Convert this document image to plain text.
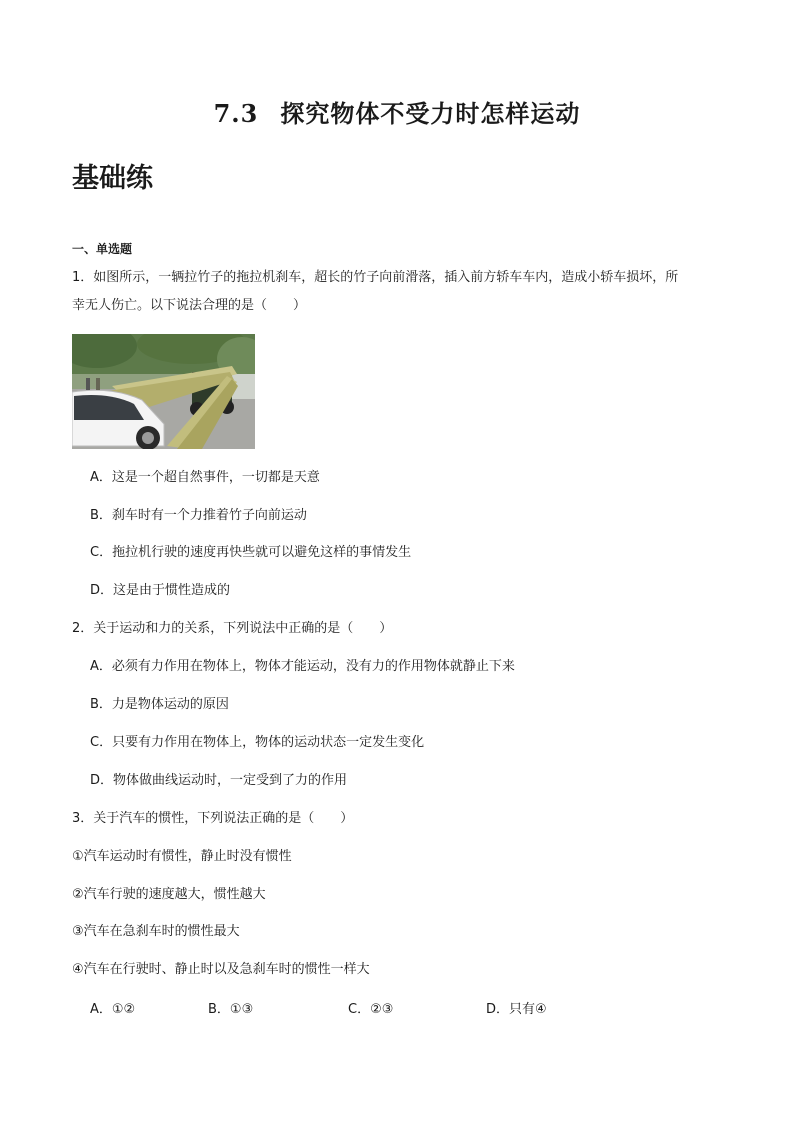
7.3 探究物体不受力时怎样运动
基础练
一、单选题
1．如图所示，一辆拉竹子的拖拉机刹车，超长的竹子向前滑落，插入前方轿车车内，造成小轿车损坏，所
幸无人伤亡。以下说法合理的是（　　）
A．这是一个超自然事件，一切都是天意
B．刹车时有一个力推着竹子向前运动
C．拖拉机行驶的速度再快些就可以避免这样的事情发生
D．这是由于惯性造成的
2．关于运动和力的关系，下列说法中正确的是（　　）
A．必须有力作用在物体上，物体才能运动，没有力的作用物体就静止下来
B．力是物体运动的原因
C．只要有力作用在物体上，物体的运动状态一定发生变化
D．物体做曲线运动时，一定受到了力的作用
3．关于汽车的惯性，下列说法正确的是（　　）
①汽车运动时有惯性，静止时没有惯性
②汽车行驶的速度越大，惯性越大
③汽车在急刹车时的惯性最大
④汽车在行驶时、静止时以及急刹车时的惯性一样大
A．①②	B．①③	C．②③	D．只有④
